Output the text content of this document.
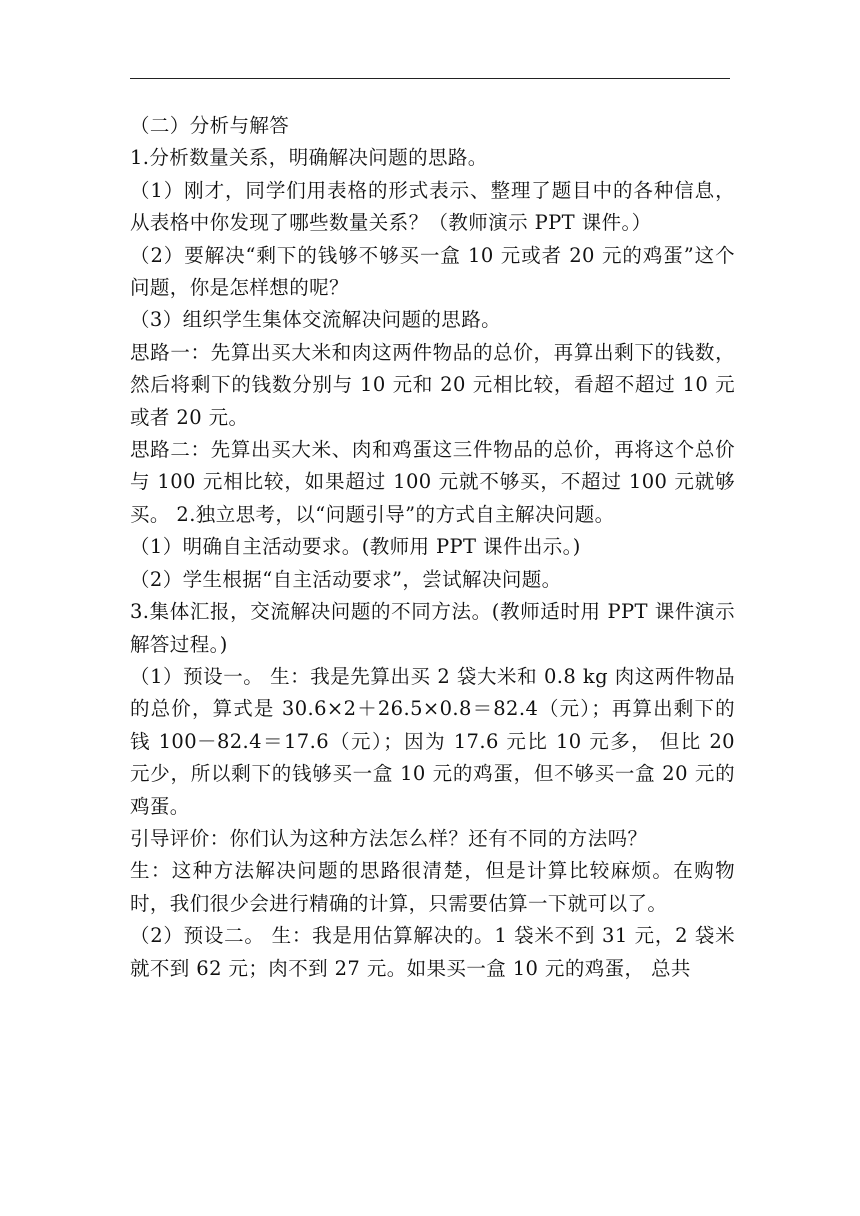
（二）分析与解答

1.分析数量关系，明确解决问题的思路。

（1）刚才，同学们用表格的形式表示、整理了题目中的各种信息，从表格中你发现了哪些数量关系？（教师演示 PPT 课件。）

（2）要解决“剩下的钱够不够买一盒 10 元或者 20 元的鸡蛋”这个问题，你是怎样想的呢？

（3）组织学生集体交流解决问题的思路。

思路一：先算出买大米和肉这两件物品的总价，再算出剩下的钱数，然后将剩下的钱数分别与 10 元和 20 元相比较，看超不超过 10 元或者 20 元。

思路二：先算出买大米、肉和鸡蛋这三件物品的总价，再将这个总价与 100 元相比较，如果超过 100 元就不够买，不超过 100 元就够买。 2.独立思考，以“问题引导”的方式自主解决问题。

（1）明确自主活动要求。(教师用 PPT 课件出示。)

（2）学生根据“自主活动要求”，尝试解决问题。

3.集体汇报，交流解决问题的不同方法。(教师适时用 PPT 课件演示解答过程。)

（1）预设一。 生：我是先算出买 2 袋大米和 0.8 kg 肉这两件物品的总价，算式是 30.6×2＋26.5×0.8＝82.4（元）；再算出剩下的钱 100－82.4＝17.6（元）；因为 17.6 元比 10 元多， 但比 20 元少，所以剩下的钱够买一盒 10 元的鸡蛋，但不够买一盒 20 元的鸡蛋。

引导评价：你们认为这种方法怎么样？还有不同的方法吗？

生：这种方法解决问题的思路很清楚，但是计算比较麻烦。在购物时，我们很少会进行精确的计算，只需要估算一下就可以了。

（2）预设二。 生：我是用估算解决的。1 袋米不到 31 元，2 袋米就不到 62 元；肉不到 27 元。如果买一盒 10 元的鸡蛋， 总共
